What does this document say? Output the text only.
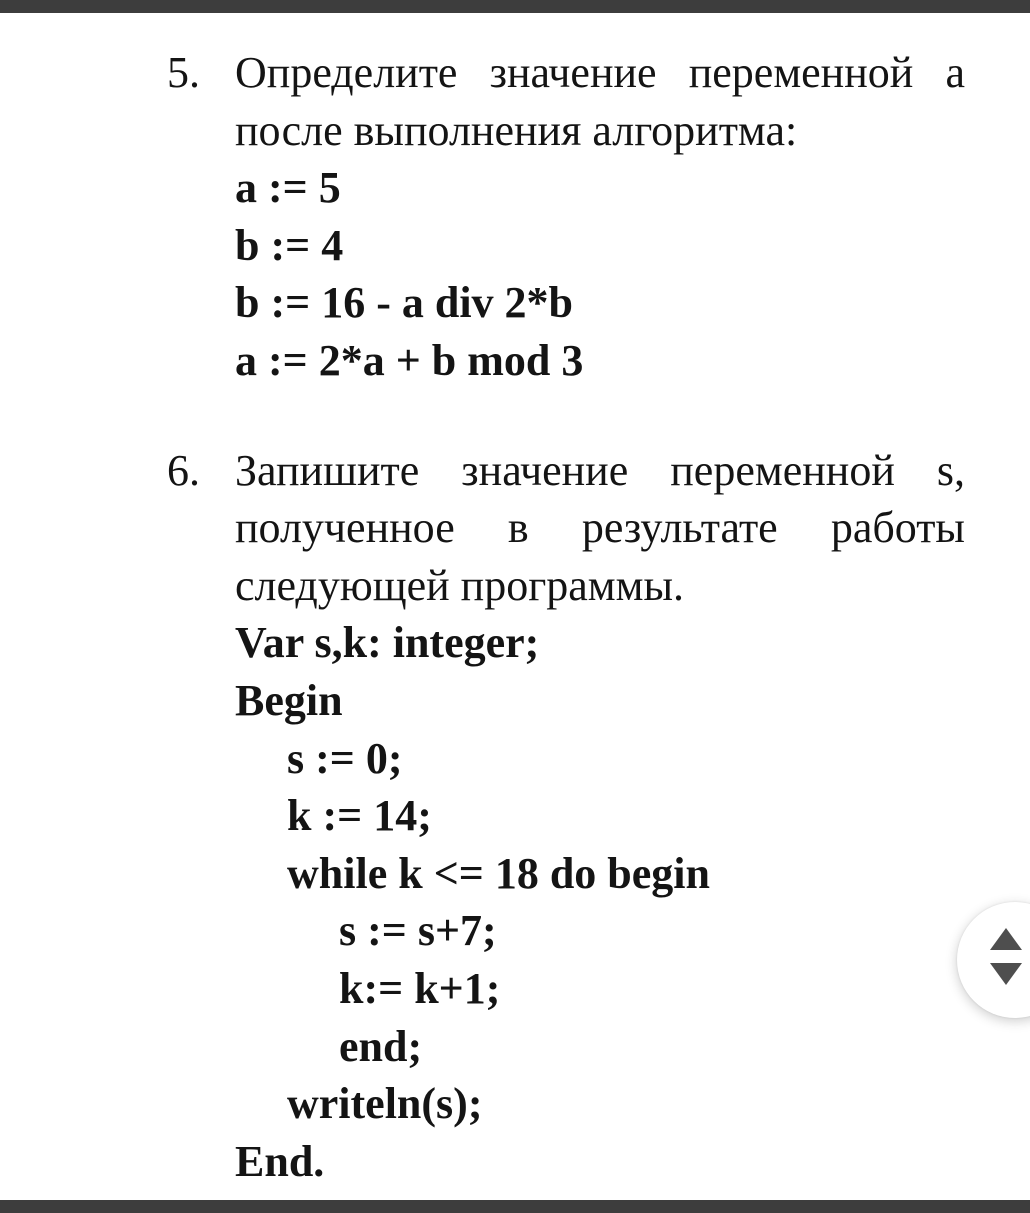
5. Определите значение переменной a
после выполнения алгоритма:
a := 5
b := 4
b := 16 - a div 2*b
a := 2*a + b mod 3
6. Запишите значение переменной s,
полученное в результате работы
следующей программы.
Var s,k: integer;
Begin
s := 0;
k := 14;
while k <= 18 do begin
s := s+7;
k:= k+1;
end;
writeln(s);
End.
